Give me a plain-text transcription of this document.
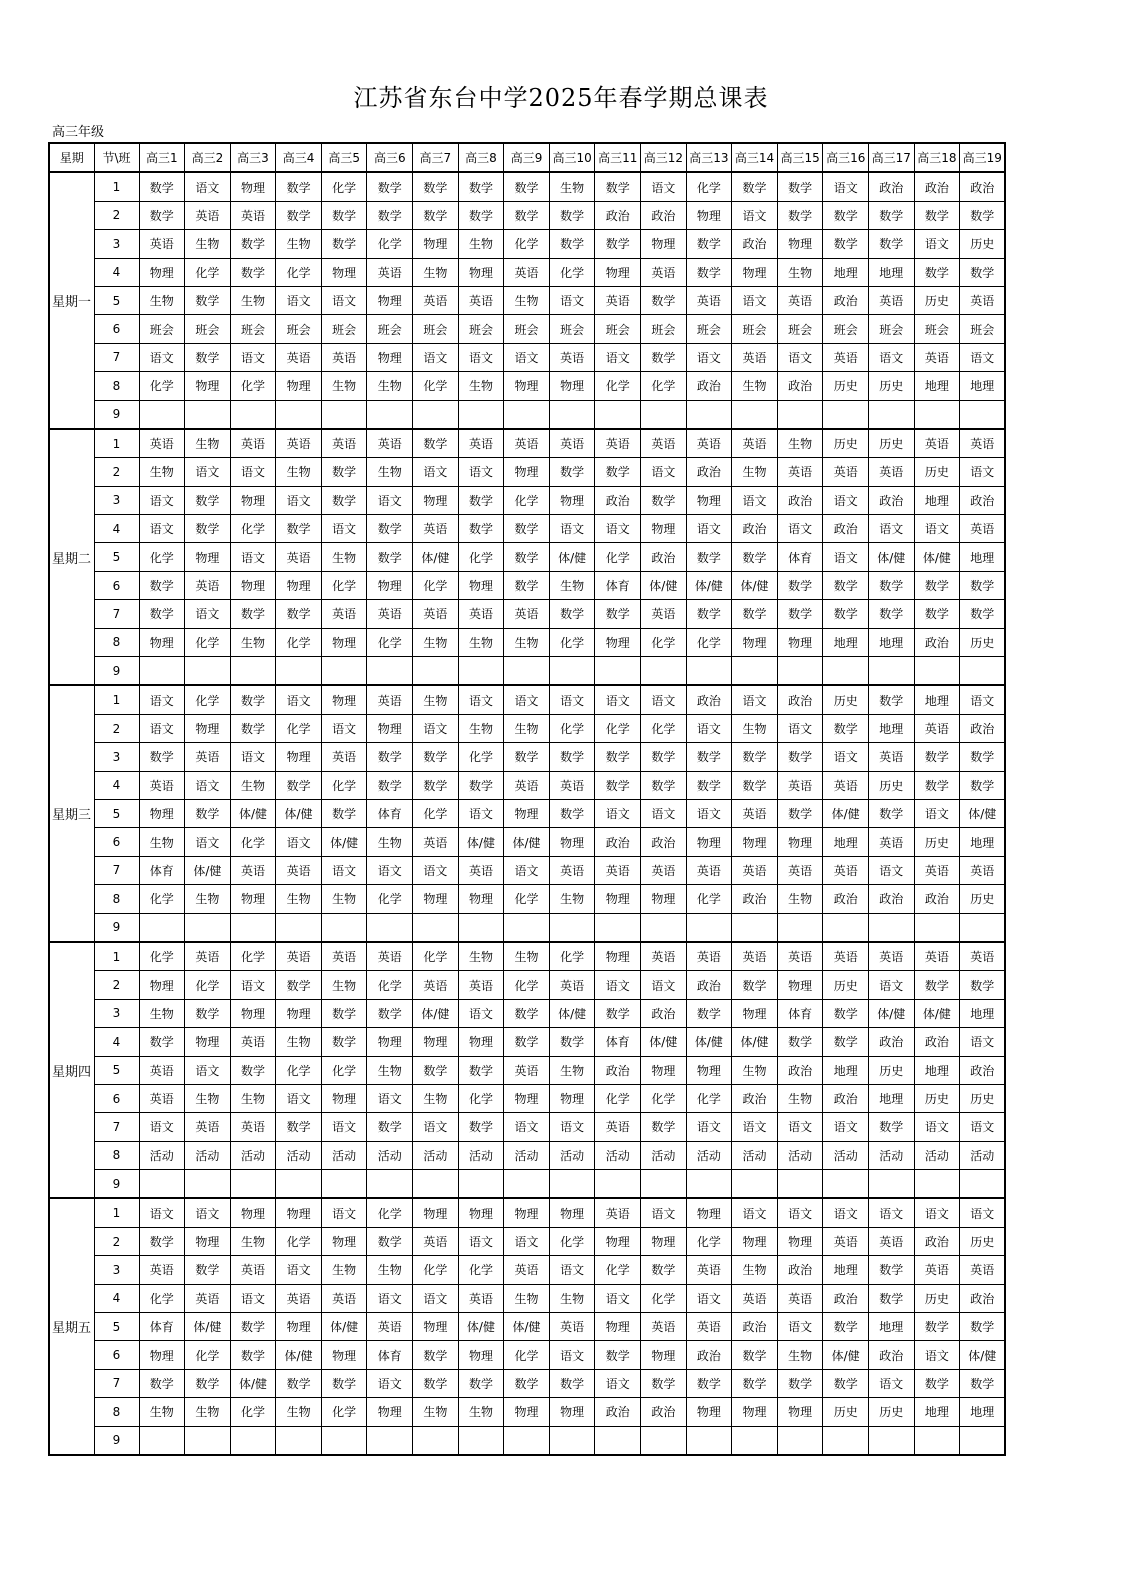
江苏省东台中学2025年春学期总课表
高三年级
星期	节\班	高三1	高三2	高三3	高三4	高三5	高三6	高三7	高三8	高三9	高三10	高三11	高三12	高三13	高三14	高三15	高三16	高三17	高三18	高三19
星期一	1	数学	语文	物理	数学	化学	数学	数学	数学	数学	生物	数学	语文	化学	数学	数学	语文	政治	政治	政治
	2	数学	英语	英语	数学	数学	数学	数学	数学	数学	数学	政治	政治	物理	语文	数学	数学	数学	数学	数学
	3	英语	生物	数学	生物	数学	化学	物理	生物	化学	数学	数学	物理	数学	政治	物理	数学	数学	语文	历史
	4	物理	化学	数学	化学	物理	英语	生物	物理	英语	化学	物理	英语	数学	物理	生物	地理	地理	数学	数学
	5	生物	数学	生物	语文	语文	物理	英语	英语	生物	语文	英语	数学	英语	语文	英语	政治	英语	历史	英语
	6	班会	班会	班会	班会	班会	班会	班会	班会	班会	班会	班会	班会	班会	班会	班会	班会	班会	班会	班会
	7	语文	数学	语文	英语	英语	物理	语文	语文	语文	英语	语文	数学	语文	英语	语文	英语	语文	英语	语文
	8	化学	物理	化学	物理	生物	生物	化学	生物	物理	物理	化学	化学	政治	生物	政治	历史	历史	地理	地理
	9																			
星期二	1	英语	生物	英语	英语	英语	英语	数学	英语	英语	英语	英语	英语	英语	英语	生物	历史	历史	英语	英语
	2	生物	语文	语文	生物	数学	生物	语文	语文	物理	数学	数学	语文	政治	生物	英语	英语	英语	历史	语文
	3	语文	数学	物理	语文	数学	语文	物理	数学	化学	物理	政治	数学	物理	语文	政治	语文	政治	地理	政治
	4	语文	数学	化学	数学	语文	数学	英语	数学	数学	语文	语文	物理	语文	政治	语文	政治	语文	语文	英语
	5	化学	物理	语文	英语	生物	数学	体/健	化学	数学	体/健	化学	政治	数学	数学	体育	语文	体/健	体/健	地理
	6	数学	英语	物理	物理	化学	物理	化学	物理	数学	生物	体育	体/健	体/健	体/健	数学	数学	数学	数学	数学
	7	数学	语文	数学	数学	英语	英语	英语	英语	英语	数学	数学	英语	数学	数学	数学	数学	数学	数学	数学
	8	物理	化学	生物	化学	物理	化学	生物	生物	生物	化学	物理	化学	化学	物理	物理	地理	地理	政治	历史
	9																			
星期三	1	语文	化学	数学	语文	物理	英语	生物	语文	语文	语文	语文	语文	政治	语文	政治	历史	数学	地理	语文
	2	语文	物理	数学	化学	语文	物理	语文	生物	生物	化学	化学	化学	语文	生物	语文	数学	地理	英语	政治
	3	数学	英语	语文	物理	英语	数学	数学	化学	数学	数学	数学	数学	数学	数学	数学	语文	英语	数学	数学
	4	英语	语文	生物	数学	化学	数学	数学	数学	英语	英语	数学	数学	数学	数学	英语	英语	历史	数学	数学
	5	物理	数学	体/健	体/健	数学	体育	化学	语文	物理	数学	语文	语文	语文	英语	数学	体/健	数学	语文	体/健
	6	生物	语文	化学	语文	体/健	生物	英语	体/健	体/健	物理	政治	政治	物理	物理	物理	地理	英语	历史	地理
	7	体育	体/健	英语	英语	语文	语文	语文	英语	语文	英语	英语	英语	英语	英语	英语	英语	语文	英语	英语
	8	化学	生物	物理	生物	生物	化学	物理	物理	化学	生物	物理	物理	化学	政治	生物	政治	政治	政治	历史
	9																			
星期四	1	化学	英语	化学	英语	英语	英语	化学	生物	生物	化学	物理	英语	英语	英语	英语	英语	英语	英语	英语
	2	物理	化学	语文	数学	生物	化学	英语	英语	化学	英语	语文	语文	政治	数学	物理	历史	语文	数学	数学
	3	生物	数学	物理	物理	数学	数学	体/健	语文	数学	体/健	数学	政治	数学	物理	体育	数学	体/健	体/健	地理
	4	数学	物理	英语	生物	数学	物理	物理	物理	数学	数学	体育	体/健	体/健	体/健	数学	数学	政治	政治	语文
	5	英语	语文	数学	化学	化学	生物	数学	数学	英语	生物	政治	物理	物理	生物	政治	地理	历史	地理	政治
	6	英语	生物	生物	语文	物理	语文	生物	化学	物理	物理	化学	化学	化学	政治	生物	政治	地理	历史	历史
	7	语文	英语	英语	数学	语文	数学	语文	数学	语文	语文	英语	数学	语文	语文	语文	语文	数学	语文	语文
	8	活动	活动	活动	活动	活动	活动	活动	活动	活动	活动	活动	活动	活动	活动	活动	活动	活动	活动	活动
	9																			
星期五	1	语文	语文	物理	物理	语文	化学	物理	物理	物理	物理	英语	语文	物理	语文	语文	语文	语文	语文	语文
	2	数学	物理	生物	化学	物理	数学	英语	语文	语文	化学	物理	物理	化学	物理	物理	英语	英语	政治	历史
	3	英语	数学	英语	语文	生物	生物	化学	化学	英语	语文	化学	数学	英语	生物	政治	地理	数学	英语	英语
	4	化学	英语	语文	英语	英语	语文	语文	英语	生物	生物	语文	化学	语文	英语	英语	政治	数学	历史	政治
	5	体育	体/健	数学	物理	体/健	英语	物理	体/健	体/健	英语	物理	英语	英语	政治	语文	数学	地理	数学	数学
	6	物理	化学	数学	体/健	物理	体育	数学	物理	化学	语文	数学	物理	政治	数学	生物	体/健	政治	语文	体/健
	7	数学	数学	体/健	数学	数学	语文	数学	数学	数学	数学	语文	数学	数学	数学	数学	数学	语文	数学	数学
	8	生物	生物	化学	生物	化学	物理	生物	生物	物理	物理	政治	政治	物理	物理	物理	历史	历史	地理	地理
	9																			
